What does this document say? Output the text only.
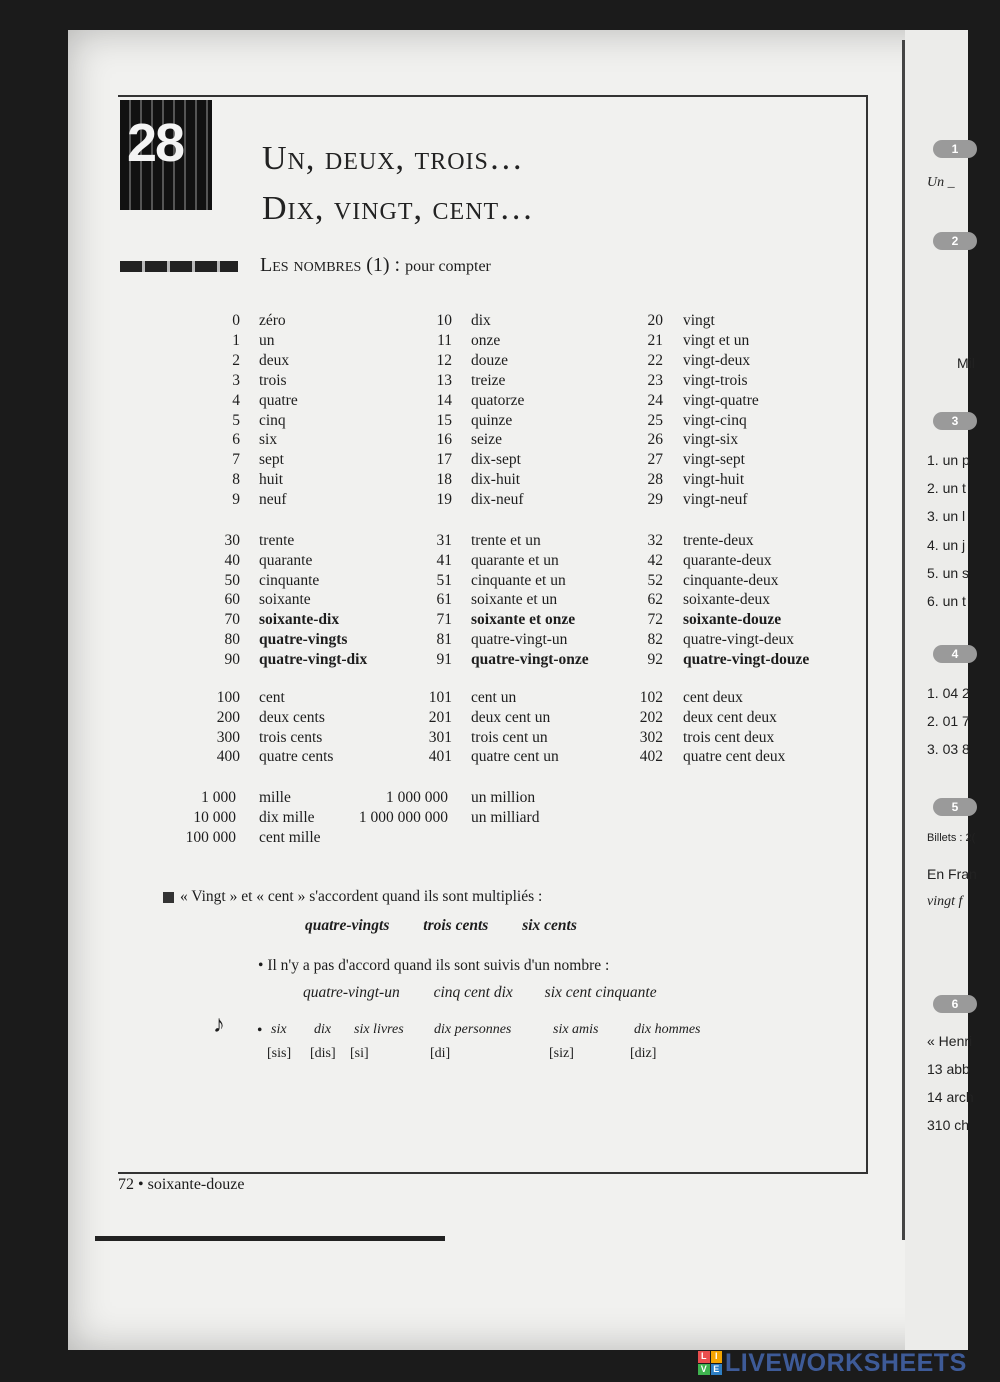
1
Un _
2
Mil
3
1. un p
2. un t
3. un l
4. un j
5. un s
6. un t
4
1. 04 2
2. 01 7
3. 03 8
5
Billets : 2(
En Fran
vingt f
6
« Henri
13 abb
14 arch
310 ch
28 Un, deux, trois…
Dix, vingt, cent…
Les nombres (1) : pour compter
0 zéro
1 un
2 deux
3 trois
4 quatre
5 cinq
6 six
7 sept
8 huit
9 neuf
10 dix
11 onze
12 douze
13 treize
14 quatorze
15 quinze
16 seize
17 dix-sept
18 dix-huit
19 dix-neuf
20 vingt
21 vingt et un
22 vingt-deux
23 vingt-trois
24 vingt-quatre
25 vingt-cinq
26 vingt-six
27 vingt-sept
28 vingt-huit
29 vingt-neuf
30 trente
40 quarante
50 cinquante
60 soixante
70 soixante-dix
80 quatre-vingts
90 quatre-vingt-dix
31 trente et un
41 quarante et un
51 cinquante et un
61 soixante et un
71 soixante et onze
81 quatre-vingt-un
91 quatre-vingt-onze
32 trente-deux
42 quarante-deux
52 cinquante-deux
62 soixante-deux
72 soixante-douze
82 quatre-vingt-deux
92 quatre-vingt-douze
100 cent
200 deux cents
300 trois cents
400 quatre cents
101 cent un
201 deux cent un
301 trois cent un
401 quatre cent un
102 cent deux
202 deux cent deux
302 trois cent deux
402 quatre cent deux
1 000 mille
10 000 dix mille
100 000 cent mille
1 000 000 un million
1 000 000 000 un milliard
« Vingt » et « cent » s'accordent quand ils sont multipliés :
quatre-vingts trois cents six cents
• Il n'y a pas d'accord quand ils sont suivis d'un nombre :
quatre-vingt-un cinq cent dix six cent cinquante
♪ • six
[sis]
dix
[dis]
six livres
[si]
dix personnes
[di]
six amis
[siz]
dix hommes
[diz]
72 • soixante-douze
L I
V E LIVEWORKSHEETS
